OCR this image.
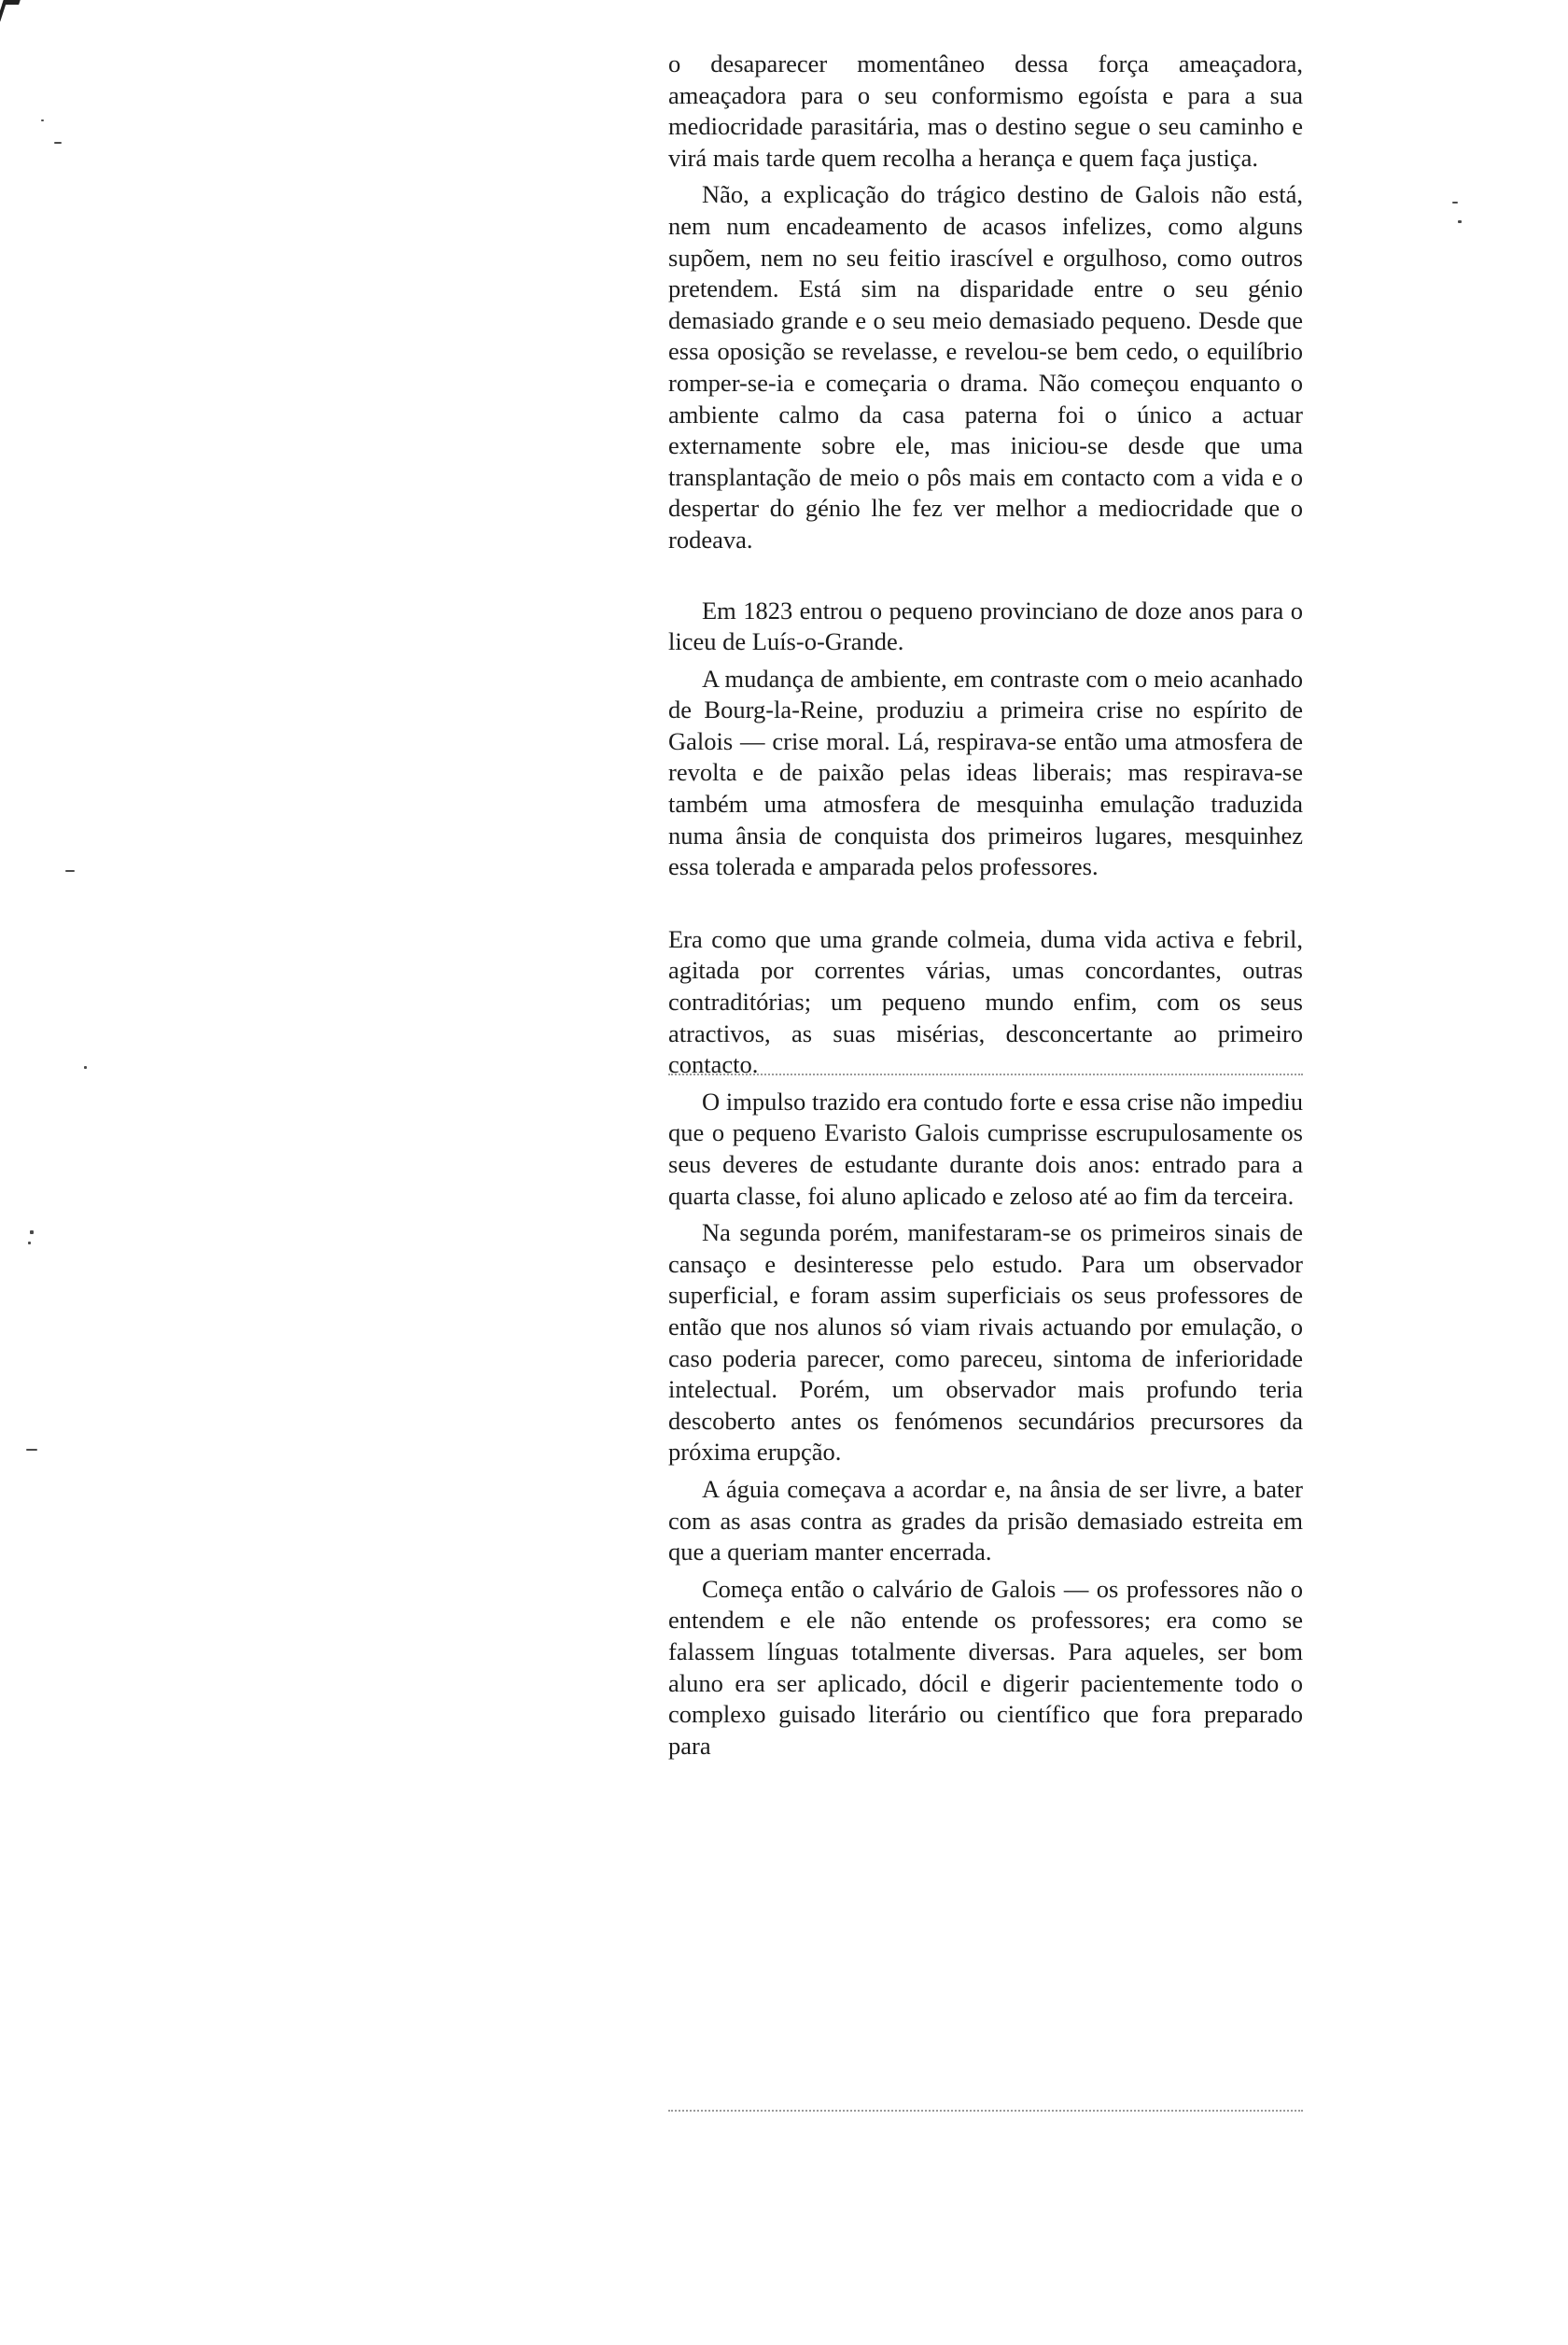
o desaparecer momentâneo dessa força ameaçadora, ameaçadora para o seu conformismo egoísta e para a sua mediocridade parasitária, mas o destino segue o seu caminho e virá mais tarde quem recolha a herança e quem faça justiça.

Não, a explicação do trágico destino de Galois não está, nem num encadeamento de acasos infelizes, como alguns supõem, nem no seu feitio irascível e orgulhoso, como outros pretendem. Está sim na disparidade entre o seu génio demasiado grande e o seu meio demasiado pequeno. Desde que essa oposição se revelasse, e revelou-se bem cedo, o equilíbrio romper-se-ia e começaria o drama. Não começou enquanto o ambiente calmo da casa paterna foi o único a actuar externamente sobre ele, mas iniciou-se desde que uma transplantação de meio o pôs mais em contacto com a vida e o despertar do génio lhe fez ver melhor a mediocridade que o rodeava.

Em 1823 entrou o pequeno provinciano de doze anos para o liceu de Luís-o-Grande.

A mudança de ambiente, em contraste com o meio acanhado de Bourg-la-Reine, produziu a primeira crise no espírito de Galois — crise moral. Lá, respirava-se então uma atmosfera de revolta e de paixão pelas ideas liberais; mas respirava-se também uma atmosfera de mesquinha emulação traduzida numa ânsia de conquista dos primeiros lugares, mesquinhez essa tolerada e amparada pelos professores.

Era como que uma grande colmeia, duma vida activa e febril, agitada por correntes várias, umas concordantes, outras contraditórias; um pequeno mundo enfim, com os seus atractivos, as suas misérias, desconcertante ao primeiro contacto.

O impulso trazido era contudo forte e essa crise não impediu que o pequeno Evaristo Galois cumprisse escrupulosamente os seus deveres de estudante durante dois anos: entrado para a quarta classe, foi aluno aplicado e zeloso até ao fim da terceira.

Na segunda porém, manifestaram-se os primeiros sinais de cansaço e desinteresse pelo estudo. Para um observador superficial, e foram assim superficiais os seus professores de então que nos alunos só viam rivais actuando por emulação, o caso poderia parecer, como pareceu, sintoma de inferioridade intelectual. Porém, um observador mais profundo teria descoberto antes os fenómenos secundários precursores da próxima erupção.

A águia começava a acordar e, na ânsia de ser livre, a bater com as asas contra as grades da prisão demasiado estreita em que a queriam manter encerrada.

Começa então o calvário de Galois — os professores não o entendem e ele não entende os professores; era como se falassem línguas totalmente diversas. Para aqueles, ser bom aluno era ser aplicado, dócil e digerir pacientemente todo o complexo guisado literário ou científico que fora preparado para
